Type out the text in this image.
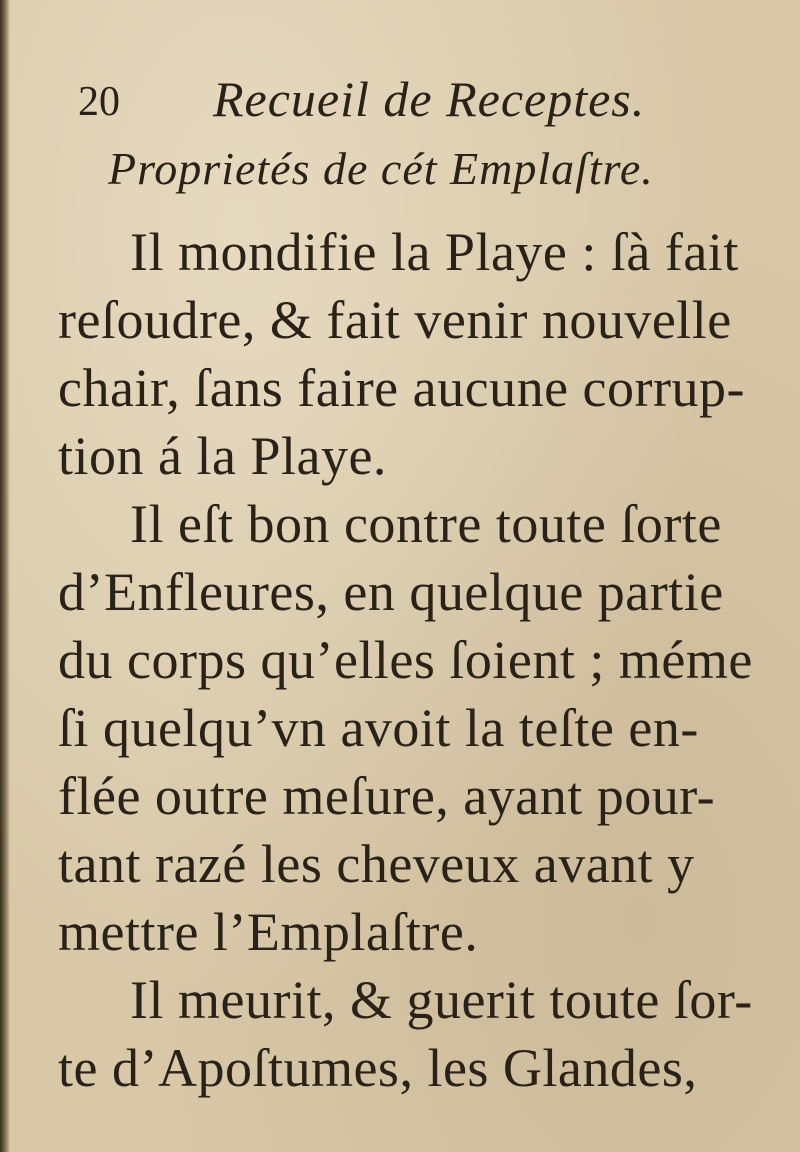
20 Recueil de Receptes.
Proprietés de cét Emplaſtre.
Il mondifie la Playe : ſà fait
reſoudre, & fait venir nouvelle
chair, ſans faire aucune corrup-
tion á la Playe.
Il eſt bon contre toute ſorte
d’Enfleures, en quelque partie
du corps qu’elles ſoient ; méme
ſi quelqu’vn avoit la teſte en-
flée outre meſure, ayant pour-
tant razé les cheveux avant y
mettre l’Emplaſtre.
Il meurit, & guerit toute ſor-
te d’Apoſtumes, les Glandes,
